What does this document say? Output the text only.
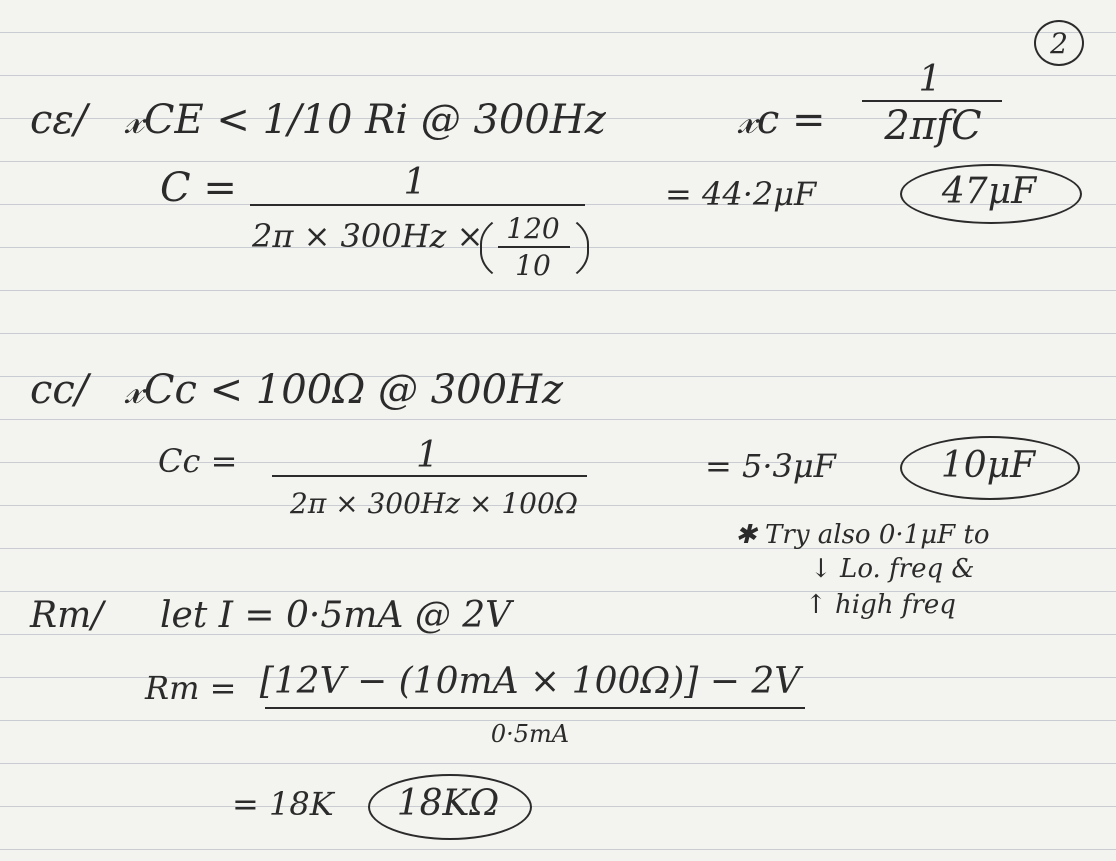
2
cε/ 𝓍CE < 1/10 Ri @ 300Hz	𝓍c =
1
2πfC
C =	1
2π × 300Hz × 120
10
= 44·2μF	47μF
cc/ 𝓍Cc < 100Ω @ 300Hz
Cc =	1
2π × 300Hz × 100Ω
= 5·3μF	10μF
✱ Try also 0·1μF to
↓ Lo. freq &
↑ high freq
Rm/ let I = 0·5mA @ 2V
Rm = [12V − (10mA × 100Ω)] − 2V
0·5mA
= 18K	18KΩ
